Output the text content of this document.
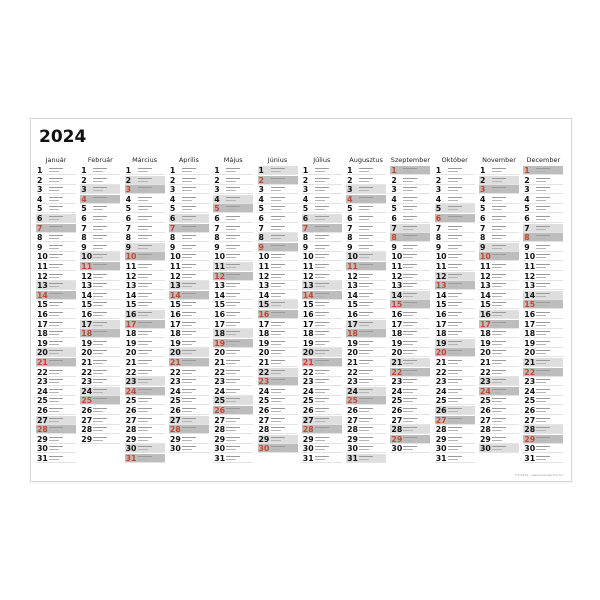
2024
Január
1
2
3
4
5
6
7
8
9
10
11
12
13
14
15
16
17
18
19
20
21
22
23
24
25
26
27
28
29
30
31
Február
1
2
3
4
5
6
7
8
9
10
11
12
13
14
15
16
17
18
19
20
21
22
23
24
25
26
27
28
29
Március
1
2
3
4
5
6
7
8
9
10
11
12
13
14
15
16
17
18
19
20
21
22
23
24
25
26
27
28
29
30
31
Április
1
2
3
4
5
6
7
8
9
10
11
12
13
14
15
16
17
18
19
20
21
22
23
24
25
26
27
28
29
30
Május
1
2
3
4
5
6
7
8
9
10
11
12
13
14
15
16
17
18
19
20
21
22
23
24
25
26
27
28
29
30
31
Június
1
2
3
4
5
6
7
8
9
10
11
12
13
14
15
16
17
18
19
20
21
22
23
24
25
26
27
28
29
30
Július
1
2
3
4
5
6
7
8
9
10
11
12
13
14
15
16
17
18
19
20
21
22
23
24
25
26
27
28
29
30
31
Augusztus
1
2
3
4
5
6
7
8
9
10
11
12
13
14
15
16
17
18
19
20
21
22
23
24
25
26
27
28
29
30
31
Szeptember
1
2
3
4
5
6
7
8
9
10
11
12
13
14
15
16
17
18
19
20
21
22
23
24
25
26
27
28
29
30
Október
1
2
3
4
5
6
7
8
9
10
11
12
13
14
15
16
17
18
19
20
21
22
23
24
25
26
27
28
29
30
31
November
1
2
3
4
5
6
7
8
9
10
11
12
13
14
15
16
17
18
19
20
21
22
23
24
25
26
27
28
29
30
December
1
2
3
4
5
6
7
8
9
10
11
12
13
14
15
16
17
18
19
20
21
22
23
24
25
26
27
28
29
30
31
T-E 2024 – www.kalendarium.hu
